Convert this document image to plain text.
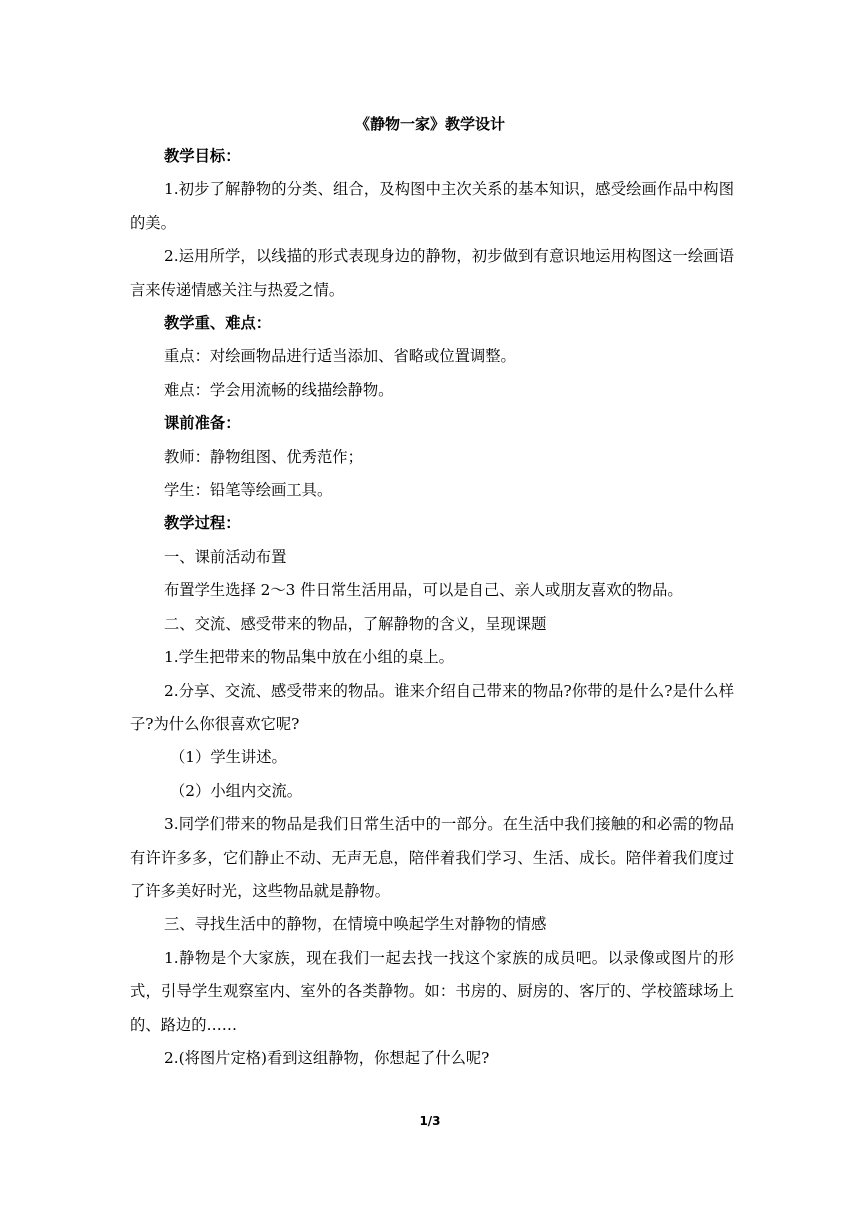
《静物一家》教学设计

教学目标：

1.初步了解静物的分类、组合，及构图中主次关系的基本知识，感受绘画作品中构图的美。

2.运用所学，以线描的形式表现身边的静物，初步做到有意识地运用构图这一绘画语言来传递情感关注与热爱之情。

教学重、难点：

重点：对绘画物品进行适当添加、省略或位置调整。

难点：学会用流畅的线描绘静物。

课前准备：

教师：静物组图、优秀范作；

学生：铅笔等绘画工具。

教学过程：

一、课前活动布置

布置学生选择 2～3 件日常生活用品，可以是自己、亲人或朋友喜欢的物品。

二、交流、感受带来的物品，了解静物的含义，呈现课题

1.学生把带来的物品集中放在小组的桌上。

2.分享、交流、感受带来的物品。谁来介绍自己带来的物品?你带的是什么?是什么样子?为什么你很喜欢它呢?

（1）学生讲述。

（2）小组内交流。

3.同学们带来的物品是我们日常生活中的一部分。在生活中我们接触的和必需的物品有许许多多，它们静止不动、无声无息，陪伴着我们学习、生活、成长。陪伴着我们度过了许多美好时光，这些物品就是静物。

三、寻找生活中的静物，在情境中唤起学生对静物的情感

1.静物是个大家族，现在我们一起去找一找这个家族的成员吧。以录像或图片的形式，引导学生观察室内、室外的各类静物。如：书房的、厨房的、客厅的、学校篮球场上的、路边的……

2.(将图片定格)看到这组静物，你想起了什么呢?

1/3
